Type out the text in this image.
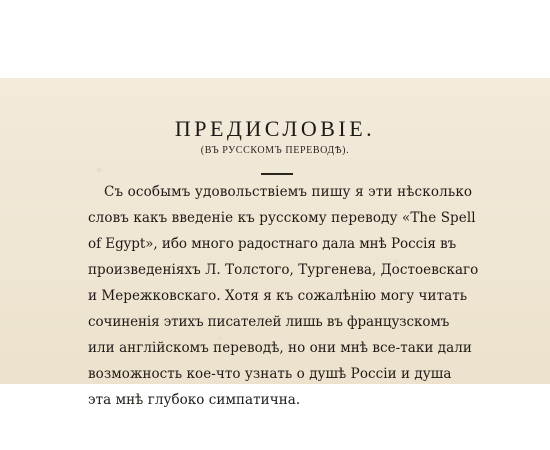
ПРЕДИСЛОВІЕ.
(ВЪ РУССКОМЪ ПЕРЕВОДѢ).
Съ особымъ удовольствіемъ пишу я эти нѣсколько
словъ какъ введеніе къ русскому переводу «The Spell
of Egypt», ибо много радостнаго дала мнѣ Россія въ
произведеніяхъ Л. Толстого, Тургенева, Достоевскаго
и Мережковскаго. Хотя я къ сожалѣнію могу читать
сочиненія этихъ писателей лишь въ французскомъ
или англійскомъ переводѣ, но они мнѣ все-таки дали
возможность кое-что узнать о душѣ Россіи и душа
эта мнѣ глубоко симпатична.
